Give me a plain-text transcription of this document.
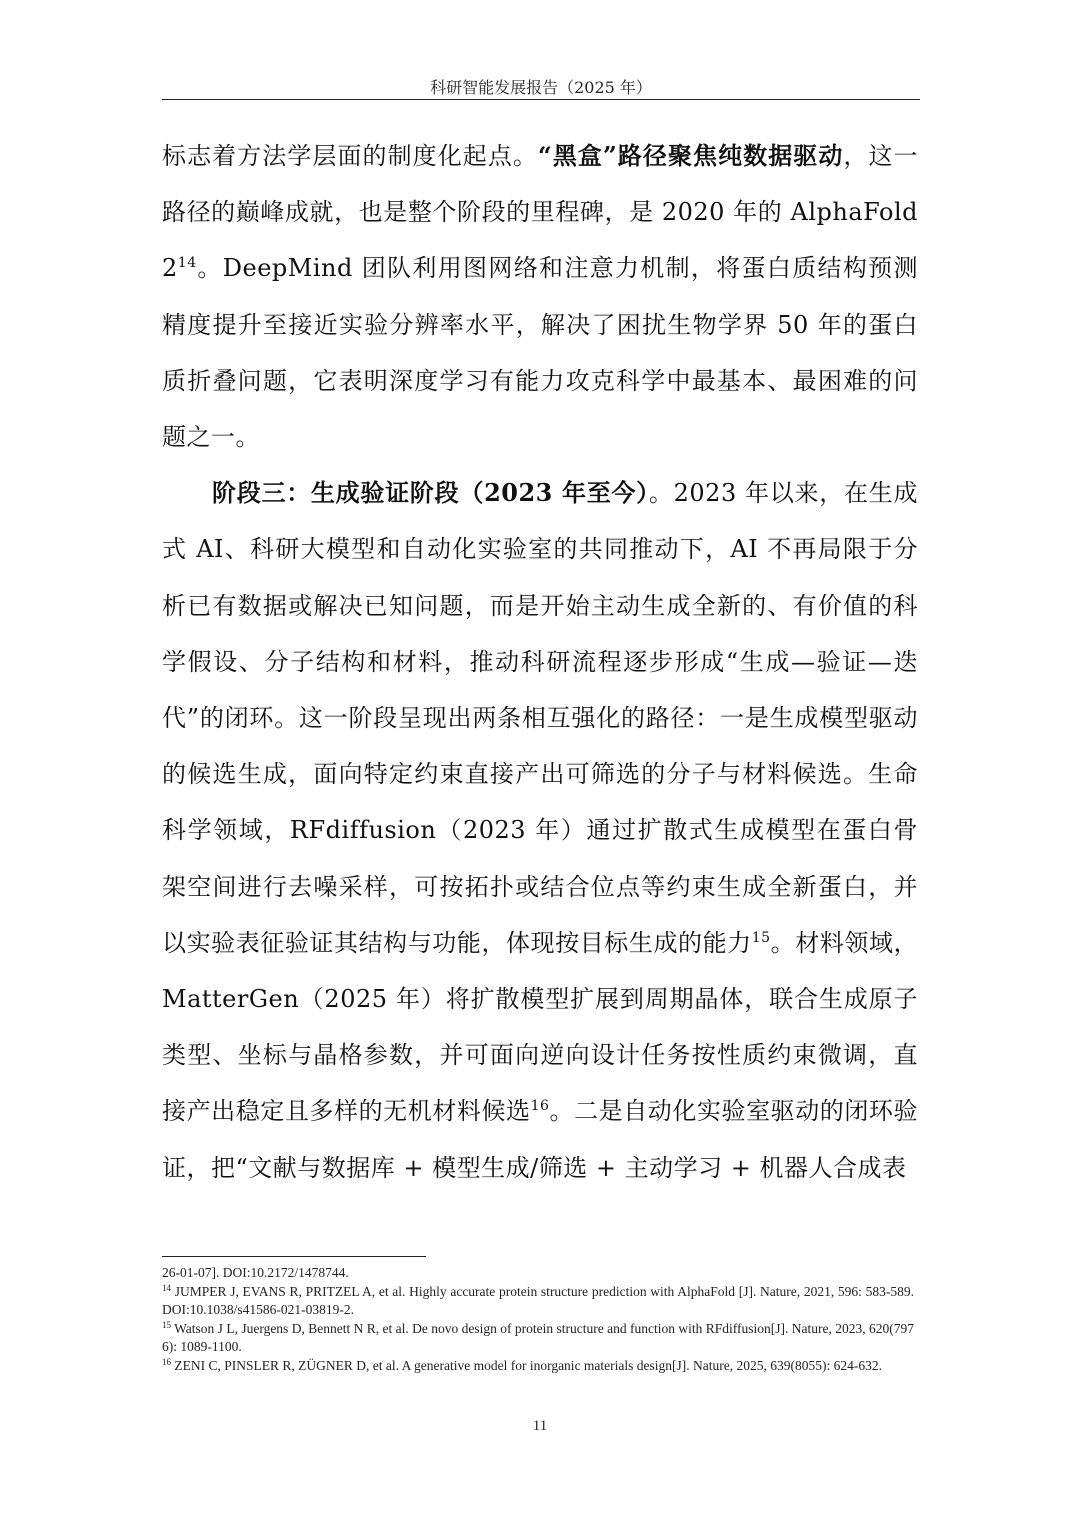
科研智能发展报告（2025 年）

标志着方法学层面的制度化起点。“黑盒”路径聚焦纯数据驱动，这一路径的巅峰成就，也是整个阶段的里程碑，是 2020 年的 AlphaFold $2^{14}$。DeepMind 团队利用图网络和注意力机制，将蛋白质结构预测精度提升至接近实验分辨率水平，解决了困扰生物学界 50 年的蛋白质折叠问题，它表明深度学习有能力攻克科学中最基本、最困难的问题之一。

阶段三：生成验证阶段（2023 年至今）。2023 年以来，在生成式 AI、科研大模型和自动化实验室的共同推动下，AI 不再局限于分析已有数据或解决已知问题，而是开始主动生成全新的、有价值的科学假设、分子结构和材料，推动科研流程逐步形成“生成—验证—迭代”的闭环。这一阶段呈现出两条相互强化的路径：一是生成模型驱动的候选生成，面向特定约束直接产出可筛选的分子与材料候选。生命科学领域，RFdiffusion（2023 年）通过扩散式生成模型在蛋白骨架空间进行去噪采样，可按拓扑或结合位点等约束生成全新蛋白，并以实验表征验证其结构与功能，体现按目标生成的能力$^{15}$。材料领域，MatterGen（2025 年）将扩散模型扩展到周期晶体，联合生成原子类型、坐标与晶格参数，并可面向逆向设计任务按性质约束微调，直接产出稳定且多样的无机材料候选$^{16}$。二是自动化实验室驱动的闭环验证，把“文献与数据库 + 模型生成/筛选 + 主动学习 + 机器人合成表

26-01-07]. DOI:10.2172/1478744.

$^{14}$ JUMPER J, EVANS R, PRITZEL A, et al. Highly accurate protein structure prediction with AlphaFold [J]. Nature, 2021, 596: 583-589. DOI:10.1038/s41586-021-03819-2.

$^{15}$ Watson J L, Juergens D, Bennett N R, et al. De novo design of protein structure and function with RFdiffusion[J]. Nature, 2023, 620(7976): 1089-1100.

$^{16}$ ZENI C, PINSLER R, ZÜGNER D, et al. A generative model for inorganic materials design[J]. Nature, 2025, 639(8055): 624-632.

11
